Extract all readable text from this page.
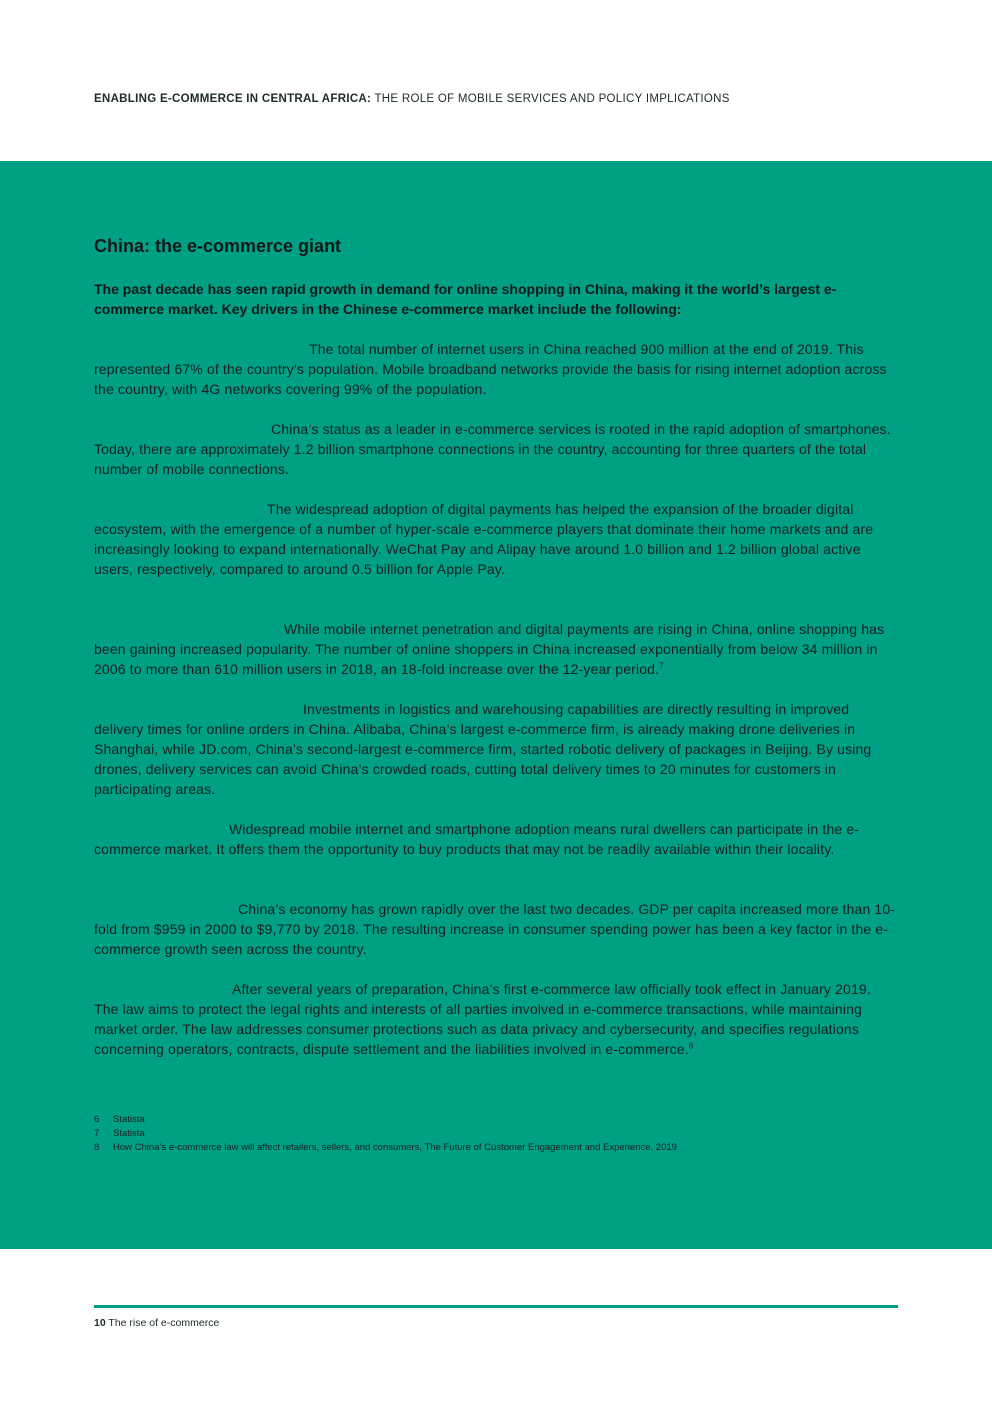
ENABLING E-COMMERCE IN CENTRAL AFRICA: THE ROLE OF MOBILE SERVICES AND POLICY IMPLICATIONS
China: the e-commerce giant

The past decade has seen rapid growth in demand for online shopping in China, making it the world’s largest e-commerce market. Key drivers in the Chinese e-commerce market include the following:

Rapid growth in internet users. The total number of internet users in China reached 900 million at the end of 2019. This represented 67% of the country’s population. Mobile broadband networks provide the basis for rising internet adoption across the country, with 4G networks covering 99% of the population.

Smartphone adoption. China’s status as a leader in e-commerce services is rooted in the rapid adoption of smartphones. Today, there are approximately 1.2 billion smartphone connections in the country, accounting for three quarters of the total number of mobile connections.

Digital payments growth. The widespread adoption of digital payments has helped the expansion of the broader digital ecosystem, with the emergence of a number of hyper-scale e-commerce players that dominate their home markets and are increasingly looking to expand internationally. WeChat Pay and Alipay have around 1.0 billion and 1.2 billion global active users, respectively, compared to around 0.5 billion for Apple Pay.

Online shoppers are growing.	While mobile internet penetration and digital payments are rising in China, online shopping has been gaining increased popularity. The number of online shoppers in China increased exponentially from below 34 million in 2006 to more than 610 million users in 2018, an 18-fold increase over the 12-year period.$^7$

Logistics and warehousing. Investments in logistics and warehousing capabilities are directly resulting in improved delivery times for online orders in China. Alibaba, China’s largest e-commerce firm, is already making drone deliveries in Shanghai, while JD.com, China’s second-largest e-commerce firm, started robotic delivery of packages in Beijing. By using drones, delivery services can avoid China’s crowded roads, cutting total delivery times to 20 minutes for customers in participating areas.

Rural inclusion. Widespread mobile internet and smartphone adoption means rural dwellers can participate in the e-commerce market. It offers them the opportunity to buy products that may not be readily available within their locality.

Economic growth. China’s economy has grown rapidly over the last two decades. GDP per capita increased more than 10-fold from $959 in 2000 to $9,770 by 2018. The resulting increase in consumer spending power has been a key factor in the e-commerce growth seen across the country.

E-commerce law. After several years of preparation, China’s first e-commerce law officially took effect in January 2019. The law aims to protect the legal rights and interests of all parties involved in e-commerce transactions, while maintaining market order. The law addresses consumer protections such as data privacy and cybersecurity, and specifies regulations concerning operators, contracts, dispute settlement and the liabilities involved in e-commerce.$^8$

6	Statista
7	Statista
8	How China’s e-commerce law will affect retailers, sellers, and consumers, The Future of Customer Engagement and Experience, 2019
10 The rise of e-commerce
